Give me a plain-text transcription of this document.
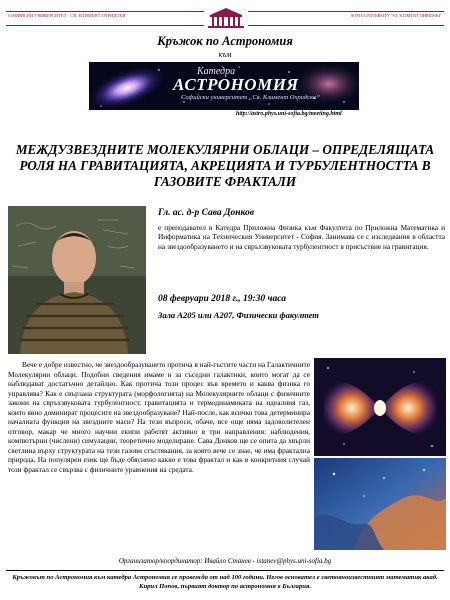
СОФИЙСКИ УНИВЕРСИТЕТ · СВ. КЛИМЕНТ ОХРИДСКИ	SOFIA UNIVERSITY "ST. KLIMENT OHRIDSKI"
Кръжок по Астрономия
към
Катедра
АСТРОНОМИЯ
Софийски университет „Св. Климент Охридски“
http://astro.phys.uni-sofia.bg/meeting.html
МЕЖДУЗВЕЗДНИТЕ МОЛЕКУЛЯРНИ ОБЛАЦИ – ОПРЕДЕЛЯЩАТА РОЛЯ НА ГРАВИТАЦИЯТА, АКРЕЦИЯТА И ТУРБУЛЕНТНОСТТА В ГАЗОВИТЕ ФРАКТАЛИ
Гл. ас. д-р Сава Донков
е преподавател в Катедра Приложна Физика към Факултета по Приложна Математика и Информатика на Техническия Университет - София. Занимава се с изследвания в областта на звездообразуването и на свръхзвуковата турбулентност в присъствие на гравитация.
08 февруари 2018 г., 19:30 часа
Зала А205 или А207, Физически факултет
Вече е добре известно, че звездообразуването протича в най-гъстите части на Галактичните Молекулярни облаци. Подобни сведения имаме и за съседни галактики, които могат да се наблюдават достатъчно детайлно. Как протича този процес във времето и каква физика го управлява? Как е свързана структурата (морфологията) на Молекулярните облаци с физичните закони на свръхзвуковата турбулентност, гравитацията и термодинамиката на идеалния газ, които явно доминират процесите на звездообразуване? Най-после, как всичко това детерминира началната функция на звездните маси? На тези въпроси, обаче, все още няма задоволителен отговор, макар че много научни екипи работят активно в три направления: наблюдения, компютърни (числени) симулации, теоретично моделиране. Сава Донков ще се опита да хвърли светлина върху структурата на тези газови сгъстявания, за която вече се знае, че има фрактална природа. На популярен език ще бъде обяснено какво е това фрактал и как в конкретния случай този фрактал се свързва с физичните уравнения на средата.
Организатор/координатор: Ивайло Станев - istanev@phys.uni-sofia.bg
Кръжокът по Астрономия към катедра Астрономия се провежда от над 100 години. Негов основател е световноизвестният математик акад. Кирил Попов, първият доктор по астрономия в България.
